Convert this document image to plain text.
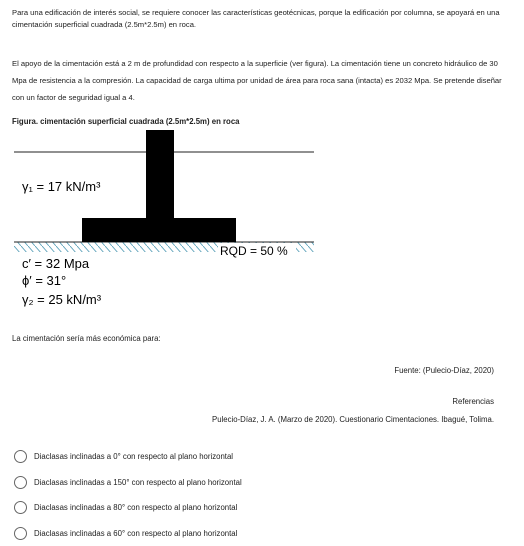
Para una edificación de interés social, se requiere conocer las características geotécnicas, porque la edificación por columna, se apoyará en una cimentación superficial cuadrada (2.5m*2.5m) en roca.

El apoyo de la cimentación está a 2 m de profundidad con respecto a la superficie (ver figura). La cimentación tiene un concreto hidráulico de 30 Mpa de resistencia a la compresión. La capacidad de carga ultima por unidad de área para roca sana (intacta) es 2032 Mpa. Se pretende diseñar con un factor de seguridad igual a 4.

Figura. cimentación superficial cuadrada (2.5m*2.5m) en roca
γ₁ = 17 kN/m³
RQD = 50 %
c′ = 32 Mpa
ϕ′ = 31°
γ₂ = 25 kN/m³
La cimentación sería más económica para:
Fuente: (Pulecio-Díaz, 2020)
Referencias
Pulecio-Díaz, J. A. (Marzo de 2020). Cuestionario Cimentaciones. Ibagué, Tolima.
Diaclasas inclinadas a 0° con respecto al plano horizontal
Diaclasas inclinadas a 150° con respecto al plano horizontal
Diaclasas inclinadas a 80° con respecto al plano horizontal
Diaclasas inclinadas a 60° con respecto al plano horizontal
